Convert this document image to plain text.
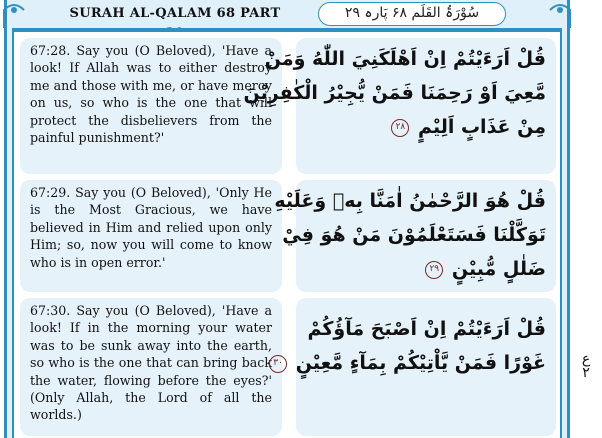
SURAH AL-QALAM 68 PART	سُوْرَۃُ القَلَم ۶۸ پَارہ ۲۹
67:28. Say you (O Beloved), 'Have a look! If Allah was to either destroy me and those with me, or have mercy on us, so who is the one that will protect the disbelievers from the painful punishment?'
قُلْ اَرَءَيْتُمْ اِنْ اَهْلَكَنِيَ اللّٰهُ وَمَنْ
مَّعِيَ اَوْ رَحِمَنَا فَمَنْ يُّجِيْرُ الْكٰفِرِيْنَ
مِنْ عَذَابٍ اَلِيْمٍ ٢٨
67:29. Say you (O Beloved), 'Only He is the Most Gracious, we have believed in Him and relied upon only Him; so, now you will come to know who is in open error.'
قُلْ هُوَ الرَّحْمٰنُ اٰمَنَّا بِهٖ وَعَلَيْهِ
تَوَكَّلْنَا فَسَتَعْلَمُوْنَ مَنْ هُوَ فِيْ
ضَلٰلٍ مُّبِيْنٍ ٢٩
67:30. Say you (O Beloved), 'Have a look! If in the morning your water was to be sunk away into the earth, so who is the one that can bring back the water, flowing before the eyes?' (Only Allah, the Lord of all the worlds.)
قُلْ اَرَءَيْتُمْ اِنْ اَصْبَحَ مَآؤُكُمْ
غَوْرًا فَمَنْ يَّاْتِيْكُمْ بِمَآءٍ مَّعِيْنٍ ٣٠	ع
٢
